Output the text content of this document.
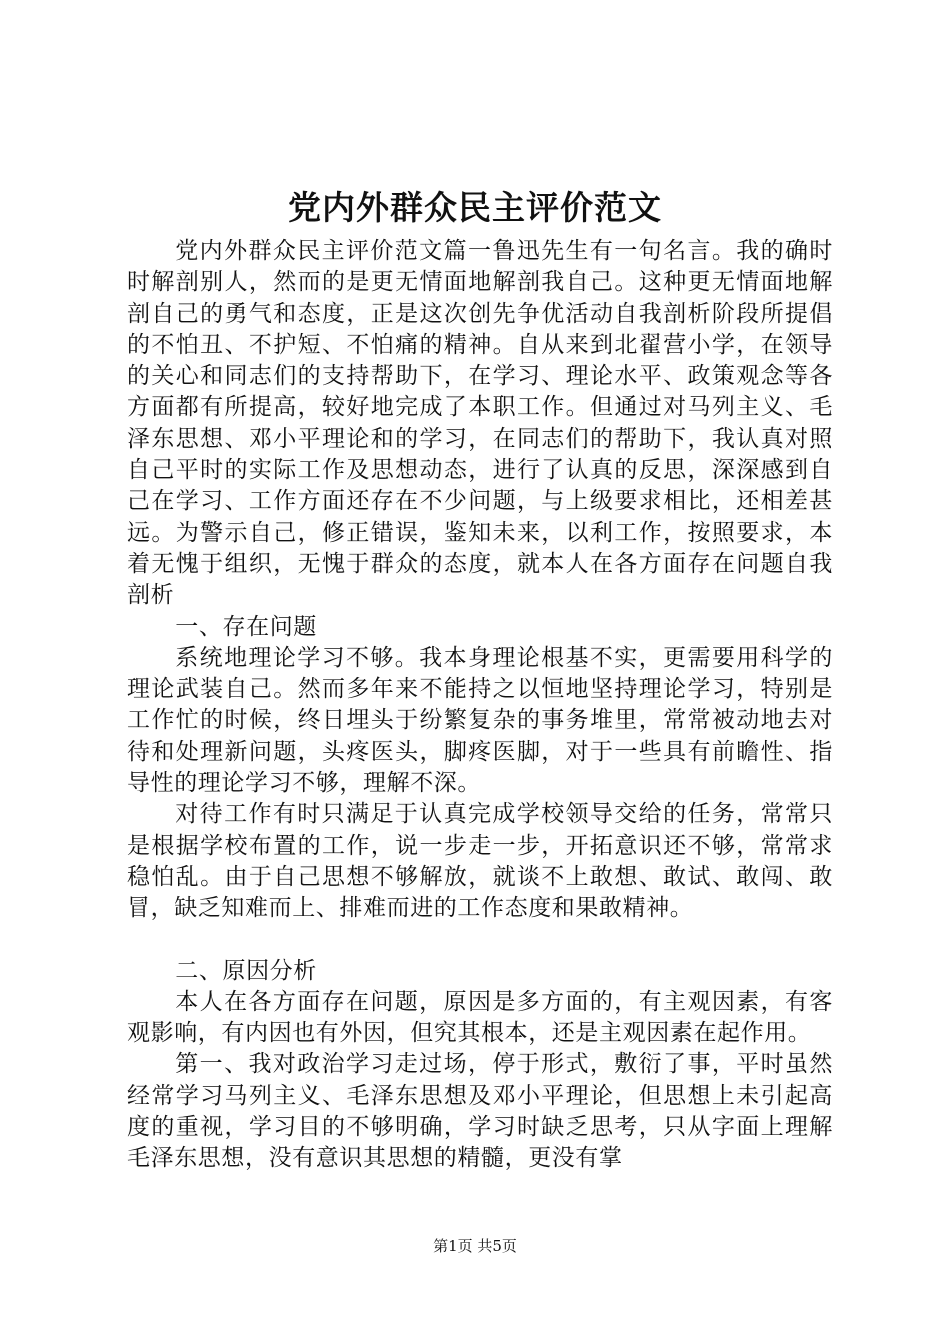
党内外群众民主评价范文

党内外群众民主评价范文篇一鲁迅先生有一句名言。我的确时时解剖别人，然而的是更无情面地解剖我自己。这种更无情面地解剖自己的勇气和态度，正是这次创先争优活动自我剖析阶段所提倡的不怕丑、不护短、不怕痛的精神。自从来到北翟营小学，在领导的关心和同志们的支持帮助下，在学习、理论水平、政策观念等各方面都有所提高，较好地完成了本职工作。但通过对马列主义、毛泽东思想、邓小平理论和的学习，在同志们的帮助下，我认真对照自己平时的实际工作及思想动态，进行了认真的反思，深深感到自己在学习、工作方面还存在不少问题，与上级要求相比，还相差甚远。为警示自己，修正错误，鉴知未来，以利工作，按照要求，本着无愧于组织，无愧于群众的态度，就本人在各方面存在问题自我剖析

一、存在问题

系统地理论学习不够。我本身理论根基不实，更需要用科学的理论武装自己。然而多年来不能持之以恒地坚持理论学习，特别是工作忙的时候，终日埋头于纷繁复杂的事务堆里，常常被动地去对待和处理新问题，头疼医头，脚疼医脚，对于一些具有前瞻性、指导性的理论学习不够，理解不深。

对待工作有时只满足于认真完成学校领导交给的任务，常常只是根据学校布置的工作，说一步走一步，开拓意识还不够，常常求稳怕乱。由于自己思想不够解放，就谈不上敢想、敢试、敢闯、敢冒，缺乏知难而上、排难而进的工作态度和果敢精神。

二、原因分析

本人在各方面存在问题，原因是多方面的，有主观因素，有客观影响，有内因也有外因，但究其根本，还是主观因素在起作用。

第一、我对政治学习走过场，停于形式，敷衍了事，平时虽然经常学习马列主义、毛泽东思想及邓小平理论，但思想上未引起高度的重视，学习目的不够明确，学习时缺乏思考，只从字面上理解毛泽东思想，没有意识其思想的精髓，更没有掌

第1页 共5页
